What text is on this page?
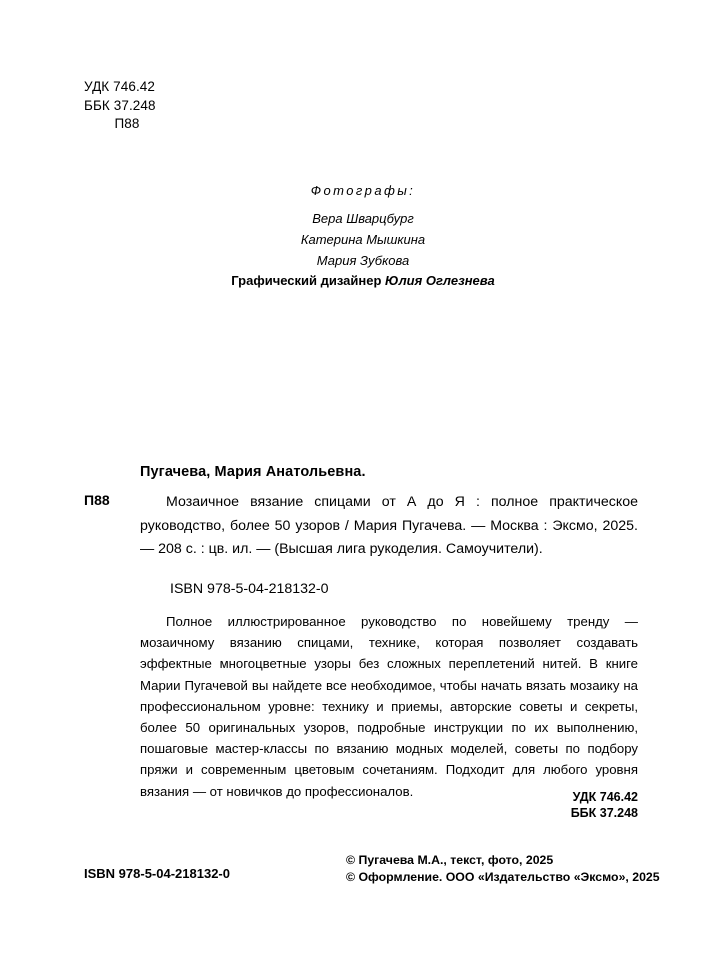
УДК 746.42
ББК 37.248
П88
Фотографы:
Вера Шварцбург
Катерина Мышкина
Мария Зубкова
Графический дизайнер Юлия Оглезнева
Пугачева, Мария Анатольевна.
П88	Мозаичное вязание спицами от А до Я : полное практическое руководство, более 50 узоров / Мария Пугачева. — Москва : Эксмо, 2025. — 208 с. : цв. ил. — (Высшая лига рукоделия. Самоучители).
ISBN 978-5-04-218132-0
Полное иллюстрированное руководство по новейшему тренду — мозаичному вязанию спицами, технике, которая позволяет создавать эффектные многоцветные узоры без сложных переплетений нитей. В книге Марии Пугачевой вы найдете все необходимое, чтобы начать вязать мозаику на профессиональном уровне: технику и приемы, авторские советы и секреты, более 50 оригинальных узоров, подробные инструкции по их выполнению, пошаговые мастер-классы по вязанию модных моделей, советы по подбору пряжи и современным цветовым сочетаниям. Подходит для любого уровня вязания — от новичков до профессионалов.	УДК 746.42
ББК 37.248
ISBN 978-5-04-218132-0
© Пугачева М.А., текст, фото, 2025
© Оформление. ООО «Издательство «Эксмо», 2025
